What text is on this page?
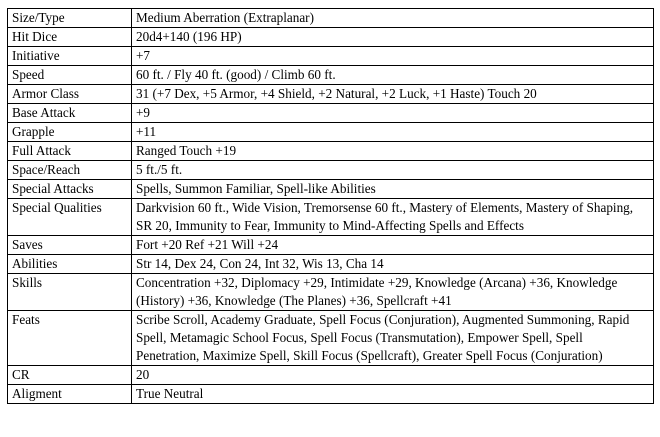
Size/Type	Medium Aberration (Extraplanar)
Hit Dice	20d4+140 (196 HP)
Initiative	+7
Speed	60 ft. / Fly 40 ft. (good) / Climb 60 ft.
Armor Class	31 (+7 Dex, +5 Armor, +4 Shield, +2 Natural, +2 Luck, +1 Haste) Touch 20
Base Attack	+9
Grapple	+11
Full Attack	Ranged Touch +19
Space/Reach	5 ft./5 ft.
Special Attacks	Spells, Summon Familiar, Spell-like Abilities
Special Qualities	Darkvision 60 ft., Wide Vision, Tremorsense 60 ft., Mastery of Elements, Mastery of Shaping, SR 20, Immunity to Fear, Immunity to Mind-Affecting Spells and Effects
Saves	Fort +20 Ref +21 Will +24
Abilities	Str 14, Dex 24, Con 24, Int 32, Wis 13, Cha 14
Skills	Concentration +32, Diplomacy +29, Intimidate +29, Knowledge (Arcana) +36, Knowledge (History) +36, Knowledge (The Planes) +36, Spellcraft +41
Feats	Scribe Scroll, Academy Graduate, Spell Focus (Conjuration), Augmented Summoning, Rapid Spell, Metamagic School Focus, Spell Focus (Transmutation), Empower Spell, Spell Penetration, Maximize Spell, Skill Focus (Spellcraft), Greater Spell Focus (Conjuration)
CR	20
Aligment	True Neutral
